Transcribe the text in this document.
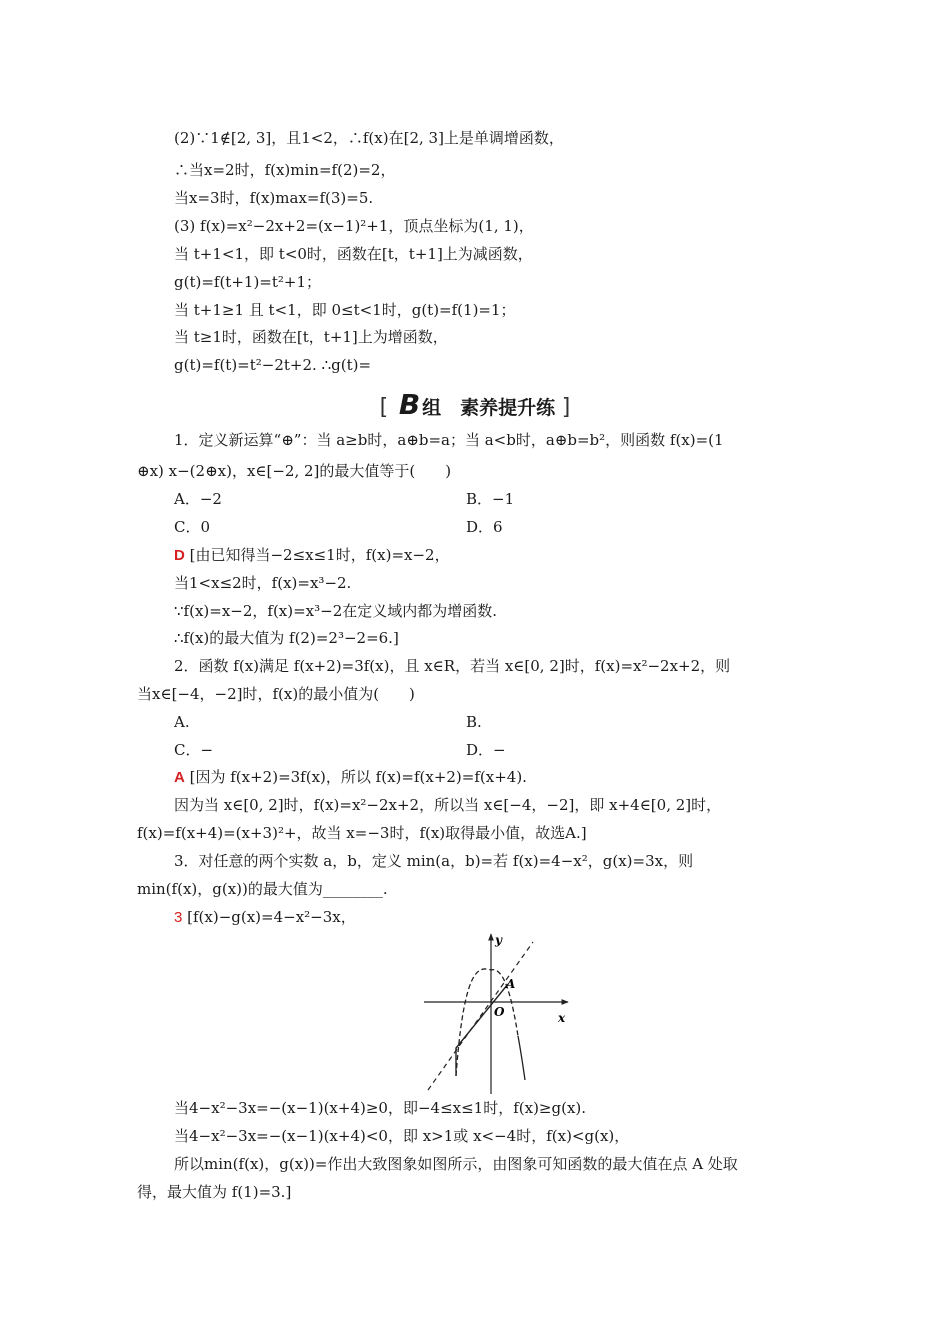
(2)∵1∉[2, 3]，且1<2，∴f(x)在[2, 3]上是单调增函数，
∴当x=2时，f(x)min=f(2)=2，
当x=3时，f(x)max=f(3)=5.
(3) f(x)=x²−2x+2=(x−1)²+1，顶点坐标为(1, 1)，
当 t+1<1，即 t<0时，函数在[t，t+1]上为减函数，
g(t)=f(t+1)=t²+1；
当 t+1≥1 且 t<1，即 0≤t<1时，g(t)=f(1)=1；
当 t≥1时，函数在[t，t+1]上为增函数，
g(t)=f(t)=t²−2t+2. ∴g(t)=
[ B 组　素养提升练 ]
1．定义新运算“⊕”：当 a≥b时，a⊕b=a；当 a<b时，a⊕b=b²，则函数 f(x)=(1
⊕x) x−(2⊕x)，x∈[−2, 2]的最大值等于(　　)
A．−2	B．−1
C．0	D．6
D [由已知得当−2≤x≤1时，f(x)=x−2，
当1<x≤2时，f(x)=x³−2.
∵f(x)=x−2，f(x)=x³−2在定义域内都为增函数.
∴f(x)的最大值为 f(2)=2³−2=6.]
2．函数 f(x)满足 f(x+2)=3f(x)，且 x∈R，若当 x∈[0, 2]时，f(x)=x²−2x+2，则
当x∈[−4，−2]时，f(x)的最小值为(　　)
A.	B.
C．−	D．−
A [因为 f(x+2)=3f(x)，所以 f(x)=f(x+2)=f(x+4).
因为当 x∈[0, 2]时，f(x)=x²−2x+2，所以当 x∈[−4，−2]，即 x+4∈[0, 2]时，
f(x)=f(x+4)=(x+3)²+，故当 x=−3时，f(x)取得最小值，故选A.]
3．对任意的两个实数 a，b，定义 min(a，b)=若 f(x)=4−x²，g(x)=3x，则
min(f(x)，g(x))的最大值为________.
3 [f(x)−g(x)=4−x²−3x，
y
x
O
A
当4−x²−3x=−(x−1)(x+4)≥0，即−4≤x≤1时，f(x)≥g(x).
当4−x²−3x=−(x−1)(x+4)<0，即 x>1或 x<−4时，f(x)<g(x)，
所以min(f(x)，g(x))=作出大致图象如图所示，由图象可知函数的最大值在点 A 处取
得，最大值为 f(1)=3.]
